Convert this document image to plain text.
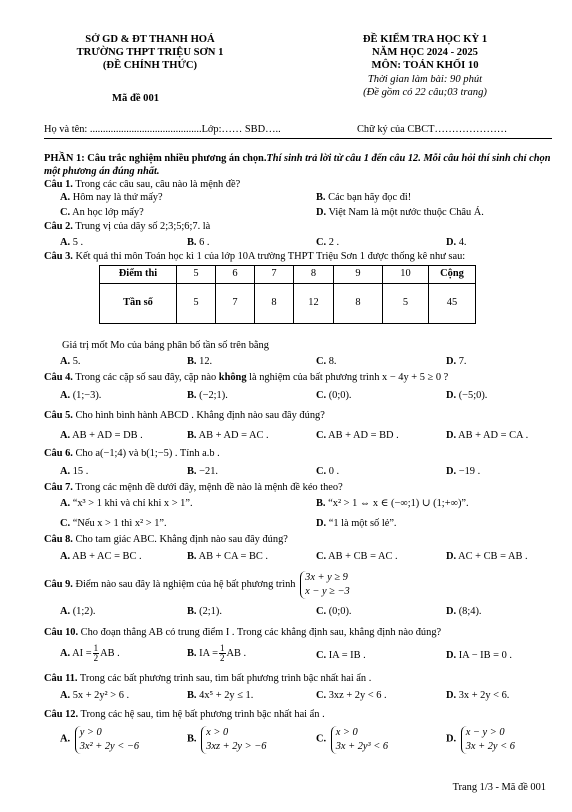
SỞ GD & ĐT THANH HOÁ
TRƯỜNG THPT TRIỆU SƠN 1
(ĐỀ CHÍNH THỨC)
ĐỀ KIỂM TRA HỌC KỲ 1
NĂM HỌC 2024 - 2025
MÔN: TOÁN KHỐI 10
Thời gian làm bài: 90 phút
(Đề gồm có 22 câu;03 trang)
Mã đề 001
Họ và tên: ...........................................Lớp:…… SBD…..	Chữ ký của CBCT…………………
PHẦN 1: Câu trắc nghiệm nhiều phương án chọn.Thí sinh trả lời từ câu 1 đến câu 12. Mỗi câu hỏi thí sinh chỉ chọn một phương án đúng nhất.
Câu 1. Trong các câu sau, câu nào là mệnh đề?
A. Hôm nay là thứ mấy?	B. Các bạn hãy đọc đi!
C. An học lớp mấy?	D. Việt Nam là một nước thuộc Châu Á.
Câu 2. Trung vị của dãy số 2;3;5;6;7. là
A. 5 .	B. 6 .	C. 2 .	D. 4.
Câu 3. Kết quả thi môn Toán học kì 1 của lớp 10A trường THPT Triệu Sơn 1 được thống kê như sau:
Điểm thi	5	6	7	8	9	10	Cộng
Tần số	5	7	8	12	8	5	45
Giá trị mốt Mo của bảng phân bố tần số trên bằng
A. 5.	B. 12.	C. 8.	D. 7.
Câu 4. Trong các cặp số sau đây, cặp nào không là nghiệm của bất phương trình x − 4y + 5 ≥ 0 ?
A. (1;−3).	B. (−2;1).	C. (0;0).	D. (−5;0).
Câu 5. Cho hình bình hành ABCD . Khẳng định nào sau đây đúng?
A. AB + AD = DB .	B. AB + AD = AC .	C. AB + AD = BD .	D. AB + AD = CA .
Câu 6. Cho a(−1;4) và b(1;−5) . Tính a.b .
A. 15 .	B. −21.	C. 0 .	D. −19 .
Câu 7. Trong các mệnh đề dưới đây, mệnh đề nào là mệnh đề kéo theo?
A. “x³ > 1 khi và chỉ khi x > 1”.	B. “x² > 1 ⇔ x ∈ (−∞;1) ∪ (1;+∞)”.
C. “Nếu x > 1 thì x² > 1”.	D. “1 là một số lẻ”.
Câu 8. Cho tam giác ABC. Khẳng định nào sau đây đúng?
A. AB + AC = BC .	B. AB + CA = BC .	C. AB + CB = AC .	D. AC + CB = AB .
Câu 9. Điểm nào sau đây là nghiệm của hệ bất phương trình 3x + y ≥ 9
x − y ≥ −3
A. (1;2).	B. (2;1).	C. (0;0).	D. (8;4).
Câu 10. Cho đoạn thẳng AB có trung điểm I . Trong các khẳng định sau, khẳng định nào đúng?
A. AI = $\frac{1}{2}$ AB .	B. IA = $\frac{1}{2}$ AB .	C. IA = IB .	D. IA − IB = 0 .
Câu 11. Trong các bất phương trình sau, tìm bất phương trình bậc nhất hai ẩn .
A. 5x + 2y² > 6 .	B. 4x⁵ + 2y ≤ 1.	C. 3xz + 2y < 6 .	D. 3x + 2y < 6.
Câu 12. Trong các hệ sau, tìm hệ bất phương trình bậc nhất hai ẩn .
A. y > 0
3x² + 2y < −6
B. x > 0
3xz + 2y > −6
C. x > 0
3x + 2y³ < 6
D. x − y > 0
3x + 2y < 6
Trang 1/3 - Mã đề 001
